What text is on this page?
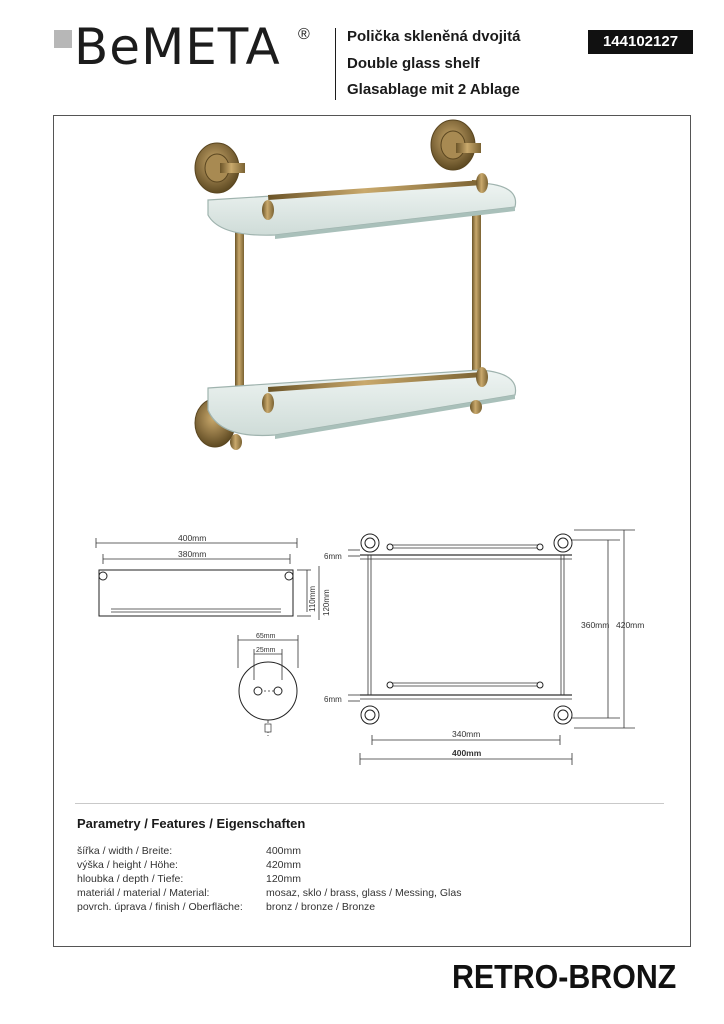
BeMETA ® Polička skleněná dvojitá
Double glass shelf
Glasablage mit 2 Ablage
144102127
400mm
380mm
110mm 120mm
65mm
25mm
6mm
6mm
360mm 420mm
340mm
400mm
Parametry / Features / Eigenschaften
šířka / width / Breite:	400mm
výška / height / Höhe:	420mm
hloubka / depth / Tiefe:	120mm
materiál / material / Material:	mosaz, sklo / brass, glass / Messing, Glas
povrch. úprava / finish / Oberfläche: bronz / bronze / Bronze
RETRO-BRONZ
